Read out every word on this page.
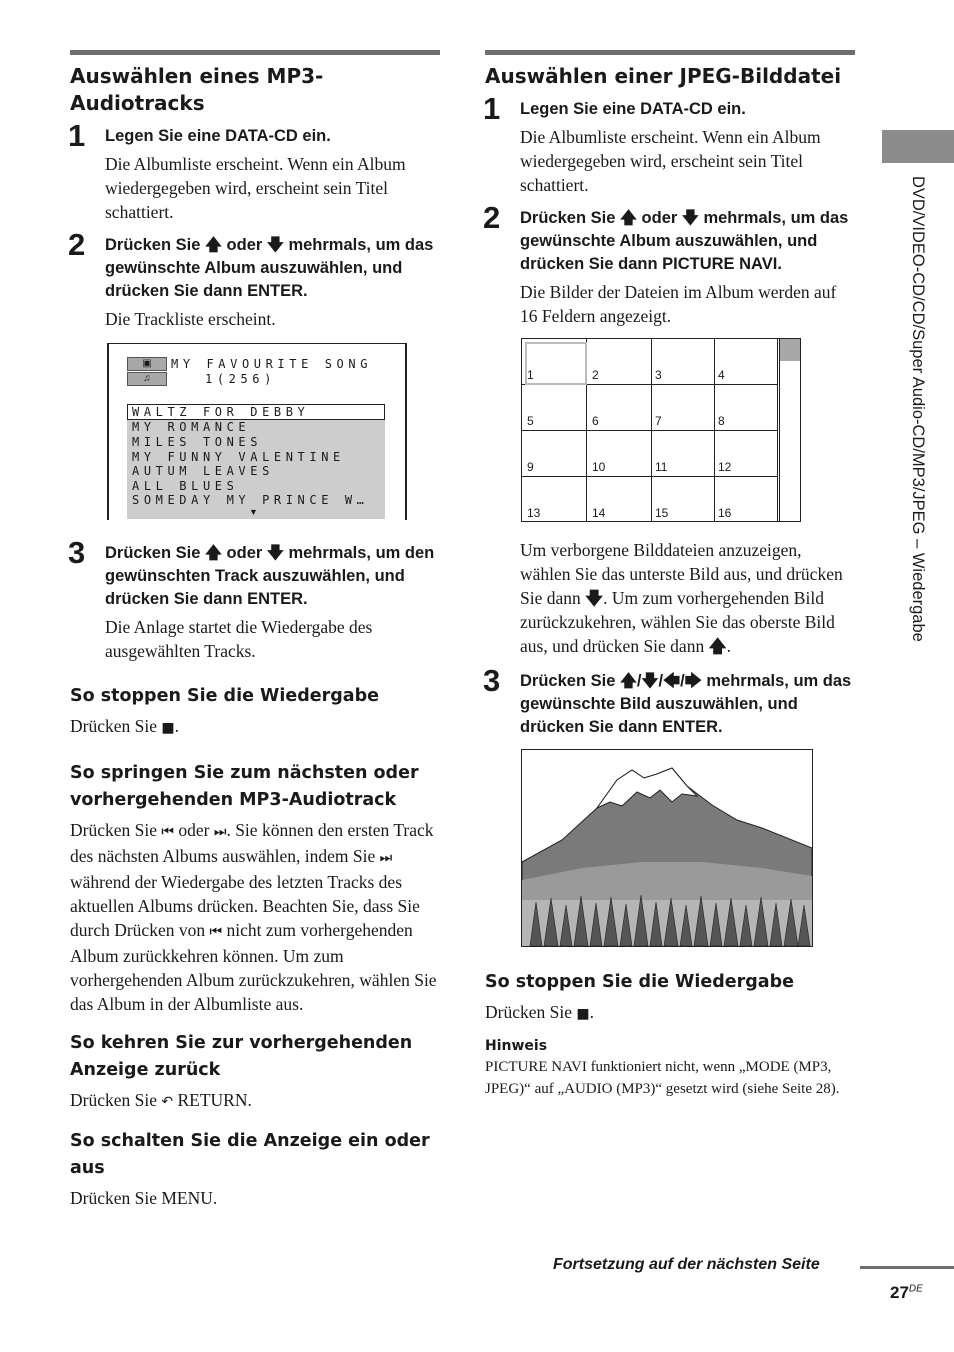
Auswählen eines MP3-Audiotracks
1 Legen Sie eine DATA-CD ein.

Die Albumliste erscheint. Wenn ein Album wiedergegeben wird, erscheint sein Titel schattiert.

2 Drücken Sie 🡅 oder 🡇 mehrmals, um das gewünschte Album auszuwählen, und drücken Sie dann ENTER.

Die Trackliste erscheint.

▣	MY FAVOURITE SONG
♫	1(256)
WALTZ FOR DEBBY
MY ROMANCE
MILES TONES
MY FUNNY VALENTINE
AUTUM LEAVES
ALL BLUES
SOMEDAY MY PRINCE W…
▼
3 Drücken Sie 🡅 oder 🡇 mehrmals, um den gewünschten Track auszuwählen, und drücken Sie dann ENTER.

Die Anlage startet die Wiedergabe des ausgewählten Tracks.

So stoppen Sie die Wiedergabe

Drücken Sie ■.

So springen Sie zum nächsten oder vorhergehenden MP3-Audiotrack

Drücken Sie ⏮ oder ⏭. Sie können den ersten Track des nächsten Albums auswählen, indem Sie ⏭ während der Wiedergabe des letzten Tracks des aktuellen Albums drücken. Beachten Sie, dass Sie durch Drücken von ⏮ nicht zum vorhergehenden Album zurückkehren können. Um zum vorhergehenden Album zurückzukehren, wählen Sie das Album in der Albumliste aus.

So kehren Sie zur vorhergehenden Anzeige zurück

Drücken Sie ↶ RETURN.

So schalten Sie die Anzeige ein oder aus

Drücken Sie MENU.

Auswählen einer JPEG-Bilddatei
1 Legen Sie eine DATA-CD ein.

Die Albumliste erscheint. Wenn ein Album wiedergegeben wird, erscheint sein Titel schattiert.

2 Drücken Sie 🡅 oder 🡇 mehrmals, um das gewünschte Album auszuwählen, und drücken Sie dann PICTURE NAVI.

Die Bilder der Dateien im Album werden auf 16 Feldern angezeigt.

1	2	3	4
5	6	7	8
9	10	11	12
13	14	15	16

Um verborgene Bilddateien anzuzeigen, wählen Sie das unterste Bild aus, und drücken Sie dann 🡇. Um zum vorhergehenden Bild zurückzukehren, wählen Sie das oberste Bild aus, und drücken Sie dann 🡅.

3 Drücken Sie 🡅/🡇/🡄/🡆 mehrmals, um das gewünschte Bild auszuwählen, und drücken Sie dann ENTER.

So stoppen Sie die Wiedergabe

Drücken Sie ■.

Hinweis

PICTURE NAVI funktioniert nicht, wenn „MODE (MP3, JPEG)“ auf „AUDIO (MP3)“ gesetzt wird (siehe Seite 28).

DVD/VIDEO-CD/CD/Super Audio-CD/MP3/JPEG – Wiedergabe
Fortsetzung auf der nächsten Seite
27DE
